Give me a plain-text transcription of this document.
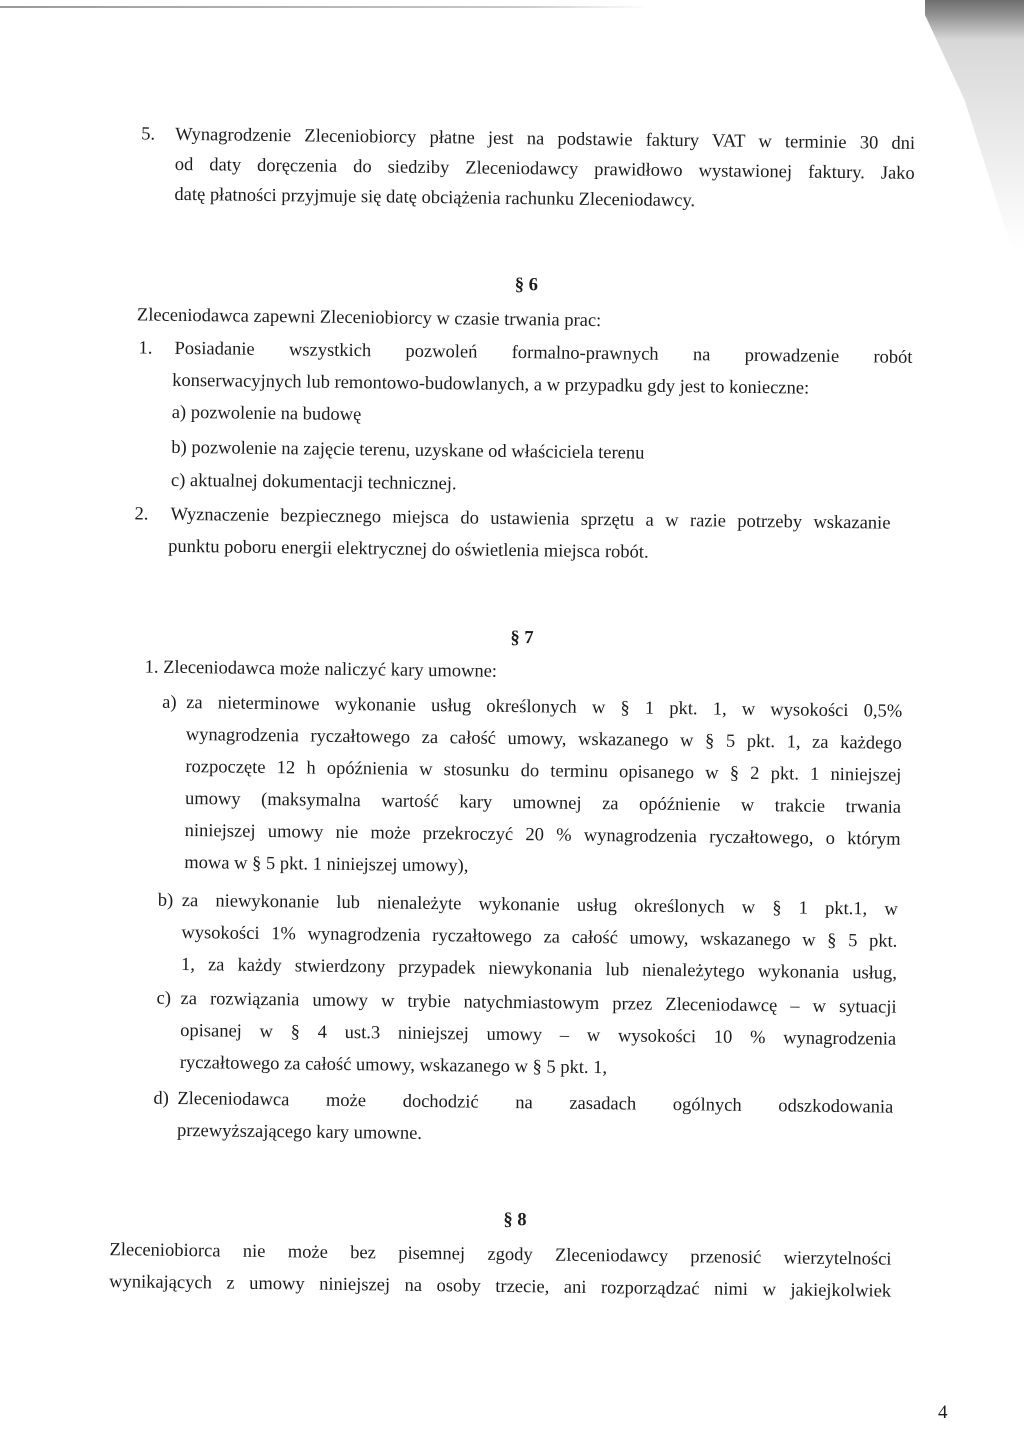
5. Wynagrodzenie Zleceniobiorcy płatne jest na podstawie faktury VAT w terminie 30 dni
od daty doręczenia do siedziby Zleceniodawcy prawidłowo wystawionej faktury. Jako
datę płatności przyjmuje się datę obciążenia rachunku Zleceniodawcy.
§ 6
Zleceniodawca zapewni Zleceniobiorcy w czasie trwania prac:
1. Posiadanie wszystkich pozwoleń formalno-prawnych na prowadzenie robót
konserwacyjnych lub remontowo-budowlanych, a w przypadku gdy jest to konieczne:
a) pozwolenie na budowę
b) pozwolenie na zajęcie terenu, uzyskane od właściciela terenu
c) aktualnej dokumentacji technicznej.
2. Wyznaczenie bezpiecznego miejsca do ustawienia sprzętu a w razie potrzeby wskazanie
punktu poboru energii elektrycznej do oświetlenia miejsca robót.
§ 7
1. Zleceniodawca może naliczyć kary umowne:
a) za nieterminowe wykonanie usług określonych w § 1 pkt. 1, w wysokości 0,5%
wynagrodzenia ryczałtowego za całość umowy, wskazanego w § 5 pkt. 1, za każdego
rozpoczęte 12 h opóźnienia w stosunku do terminu opisanego w § 2 pkt. 1 niniejszej
umowy (maksymalna wartość kary umownej za opóźnienie w trakcie trwania
niniejszej umowy nie może przekroczyć 20 % wynagrodzenia ryczałtowego, o którym
mowa w § 5 pkt. 1 niniejszej umowy),
b) za niewykonanie lub nienależyte wykonanie usług określonych w § 1 pkt.1, w
wysokości 1% wynagrodzenia ryczałtowego za całość umowy, wskazanego w § 5 pkt.
1, za każdy stwierdzony przypadek niewykonania lub nienależytego wykonania usług,
c) za rozwiązania umowy w trybie natychmiastowym przez Zleceniodawcę – w sytuacji
opisanej w § 4 ust.3 niniejszej umowy – w wysokości 10 % wynagrodzenia
ryczałtowego za całość umowy, wskazanego w § 5 pkt. 1,
d) Zleceniodawca może dochodzić na zasadach ogólnych odszkodowania
przewyższającego kary umowne.
§ 8
Zleceniobiorca nie może bez pisemnej zgody Zleceniodawcy przenosić wierzytelności
wynikających z umowy niniejszej na osoby trzecie, ani rozporządzać nimi w jakiejkolwiek
4
